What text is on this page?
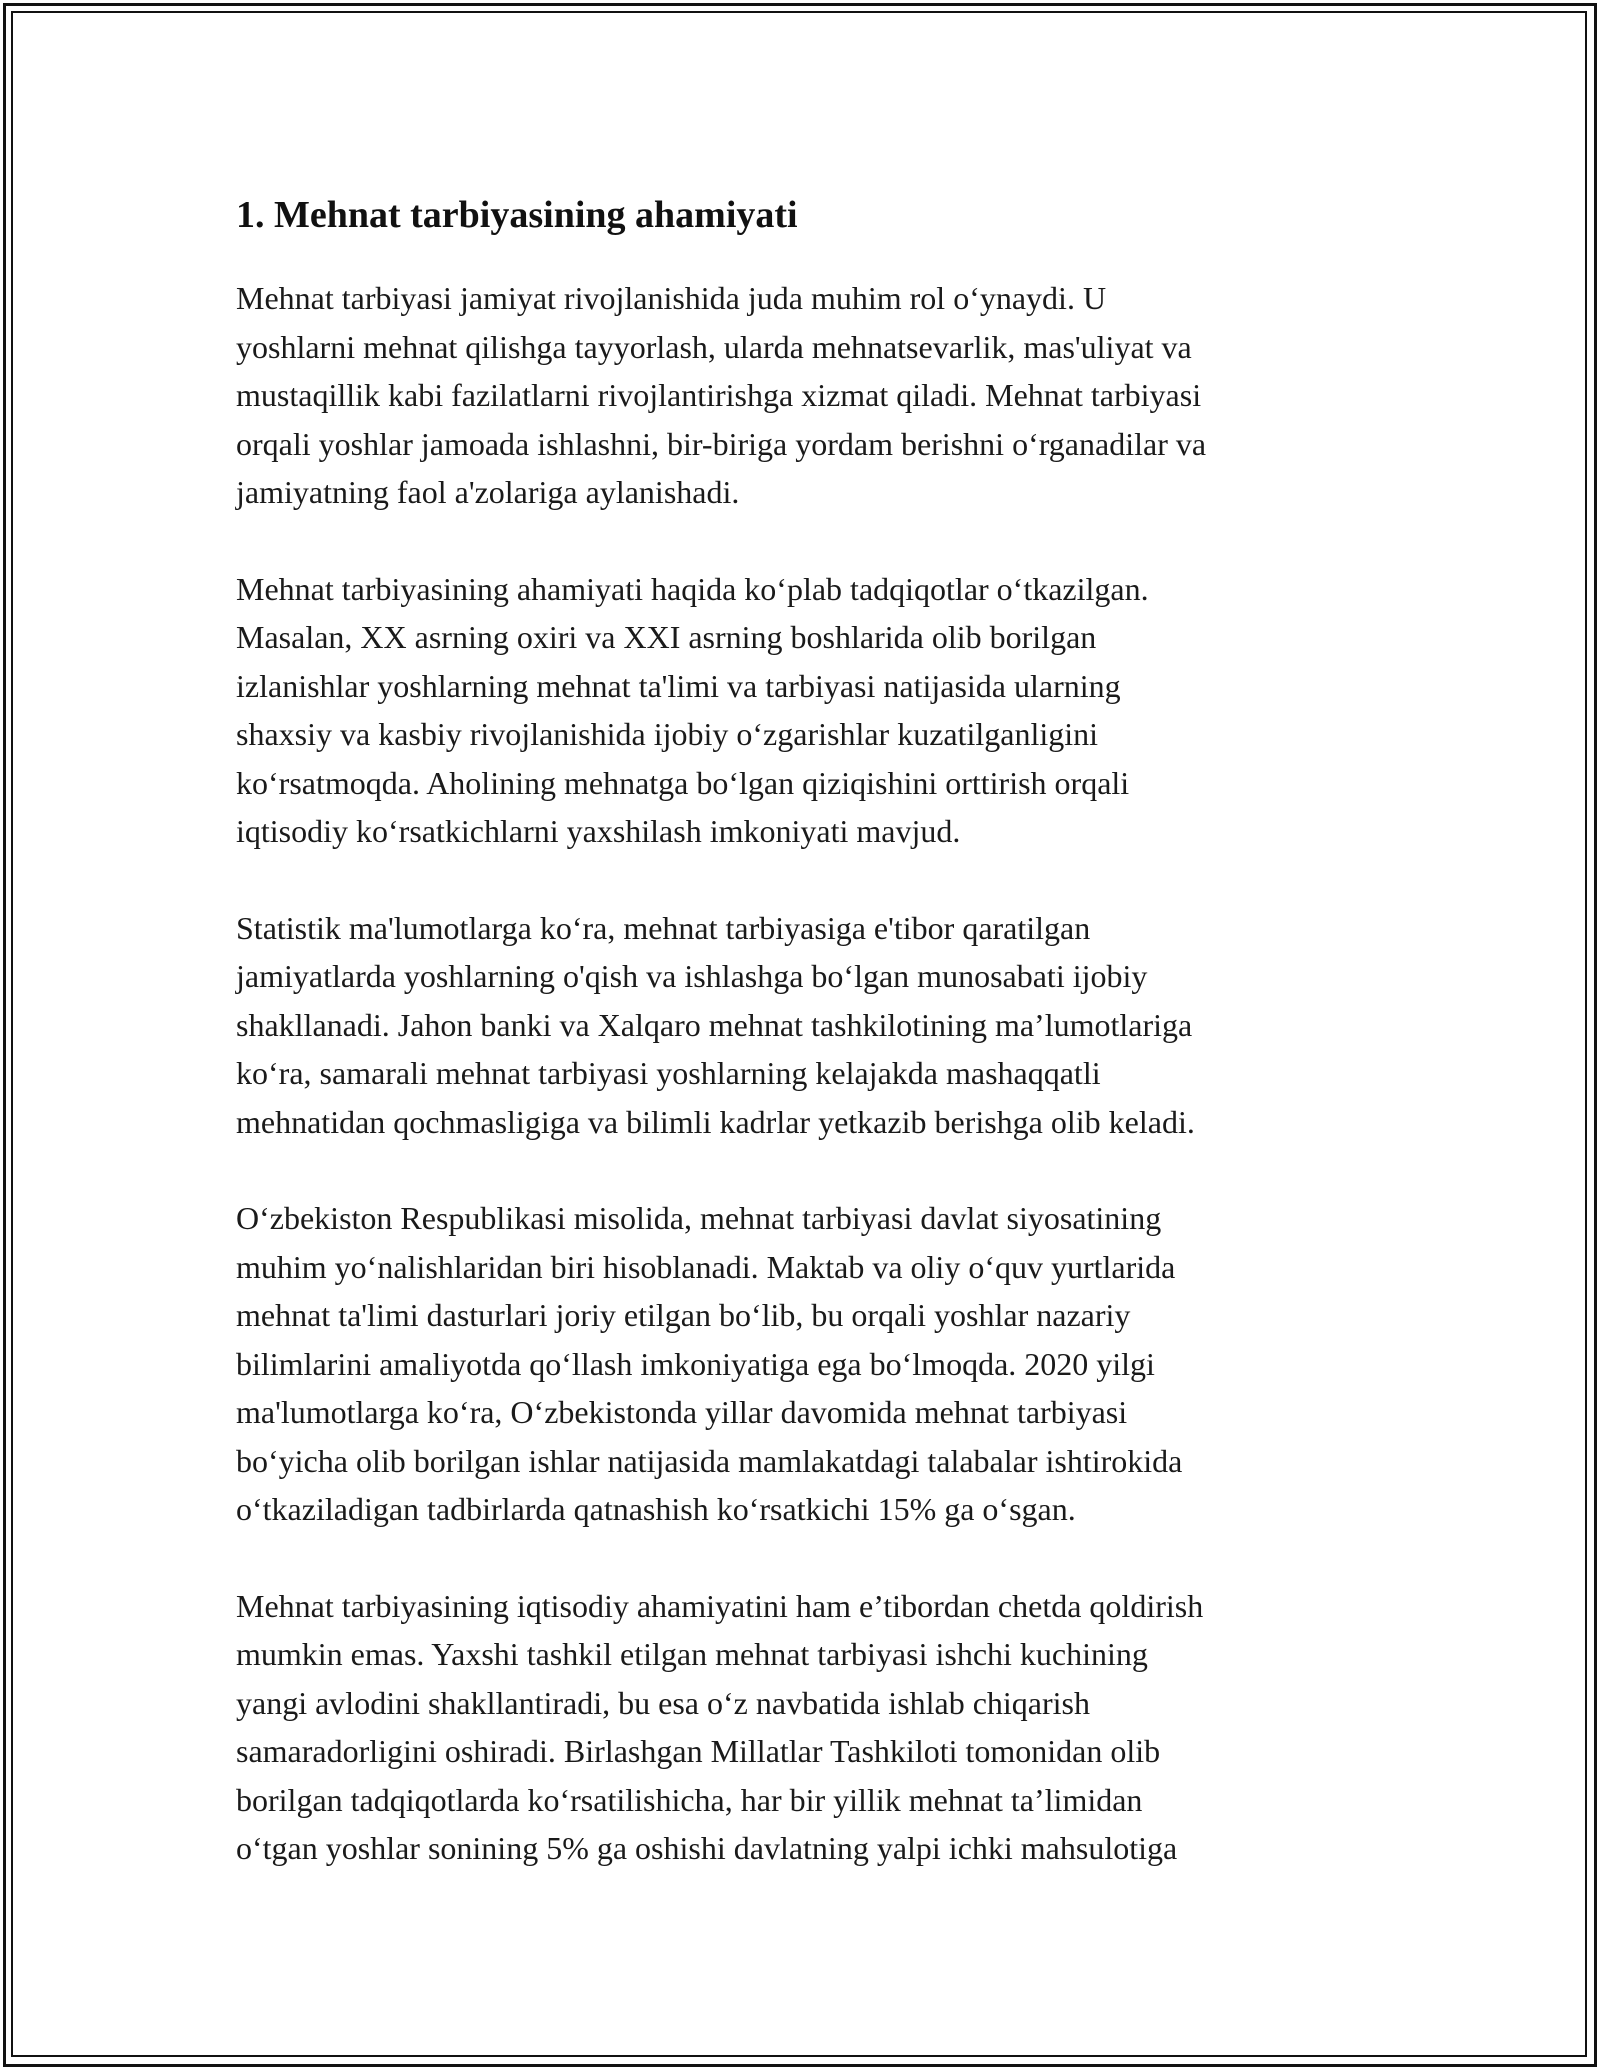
1. Mehnat tarbiyasining ahamiyati

Mehnat tarbiyasi jamiyat rivojlanishida juda muhim rol o‘ynaydi. U
yoshlarni mehnat qilishga tayyorlash, ularda mehnatsevarlik, mas'uliyat va
mustaqillik kabi fazilatlarni rivojlantirishga xizmat qiladi. Mehnat tarbiyasi
orqali yoshlar jamoada ishlashni, bir-biriga yordam berishni o‘rganadilar va
jamiyatning faol a'zolariga aylanishadi.

Mehnat tarbiyasining ahamiyati haqida ko‘plab tadqiqotlar o‘tkazilgan.
Masalan, XX asrning oxiri va XXI asrning boshlarida olib borilgan
izlanishlar yoshlarning mehnat ta'limi va tarbiyasi natijasida ularning
shaxsiy va kasbiy rivojlanishida ijobiy o‘zgarishlar kuzatilganligini
ko‘rsatmoqda. Aholining mehnatga bo‘lgan qiziqishini orttirish orqali
iqtisodiy ko‘rsatkichlarni yaxshilash imkoniyati mavjud.

Statistik ma'lumotlarga ko‘ra, mehnat tarbiyasiga e'tibor qaratilgan
jamiyatlarda yoshlarning o'qish va ishlashga bo‘lgan munosabati ijobiy
shakllanadi. Jahon banki va Xalqaro mehnat tashkilotining ma’lumotlariga
ko‘ra, samarali mehnat tarbiyasi yoshlarning kelajakda mashaqqatli
mehnatidan qochmasligiga va bilimli kadrlar yetkazib berishga olib keladi.

O‘zbekiston Respublikasi misolida, mehnat tarbiyasi davlat siyosatining
muhim yo‘nalishlaridan biri hisoblanadi. Maktab va oliy o‘quv yurtlarida
mehnat ta'limi dasturlari joriy etilgan bo‘lib, bu orqali yoshlar nazariy
bilimlarini amaliyotda qo‘llash imkoniyatiga ega bo‘lmoqda. 2020 yilgi
ma'lumotlarga ko‘ra, O‘zbekistonda yillar davomida mehnat tarbiyasi
bo‘yicha olib borilgan ishlar natijasida mamlakatdagi talabalar ishtirokida
o‘tkaziladigan tadbirlarda qatnashish ko‘rsatkichi 15% ga o‘sgan.

Mehnat tarbiyasining iqtisodiy ahamiyatini ham e’tibordan chetda qoldirish
mumkin emas. Yaxshi tashkil etilgan mehnat tarbiyasi ishchi kuchining
yangi avlodini shakllantiradi, bu esa o‘z navbatida ishlab chiqarish
samaradorligini oshiradi. Birlashgan Millatlar Tashkiloti tomonidan olib
borilgan tadqiqotlarda ko‘rsatilishicha, har bir yillik mehnat ta’limidan
o‘tgan yoshlar sonining 5% ga oshishi davlatning yalpi ichki mahsulotiga
